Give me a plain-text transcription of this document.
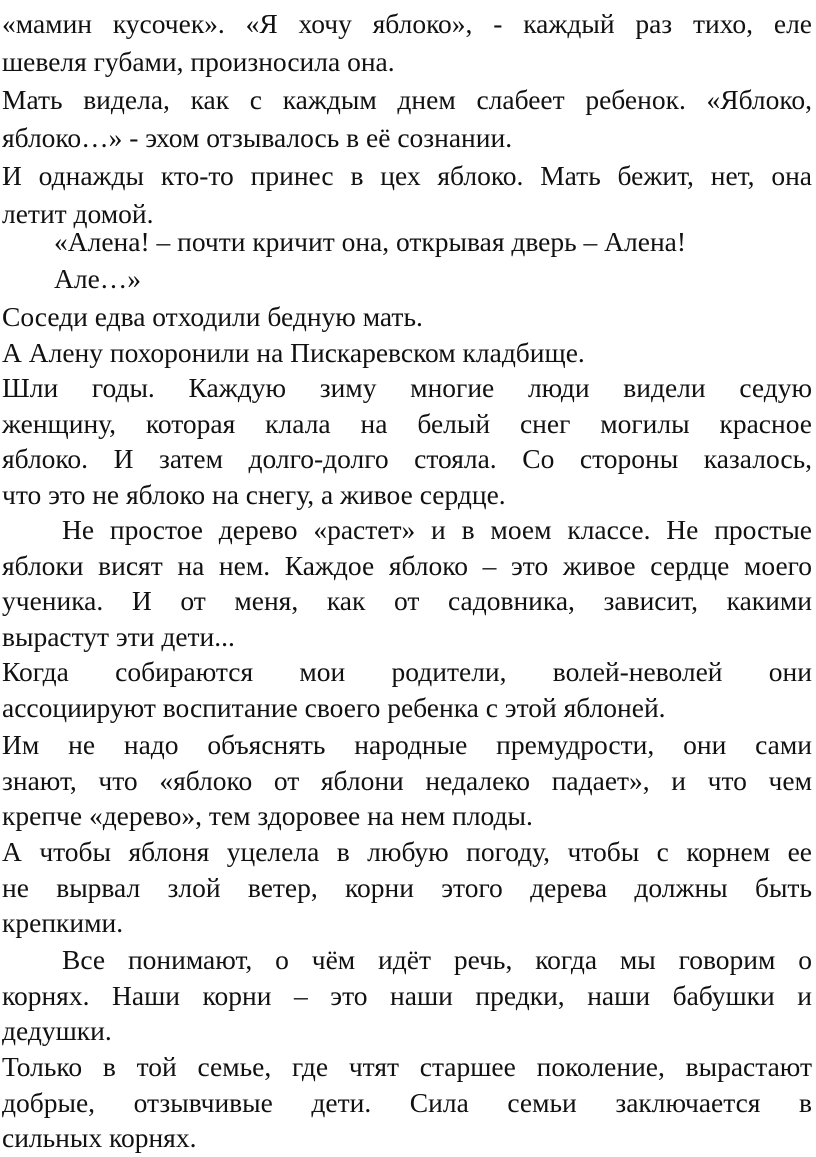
«мамин кусочек». «Я хочу яблоко», - каждый раз тихо, еле
шевеля губами, произносила она.
Мать видела, как с каждым днем слабеет ребенок. «Яблоко,
яблоко…» - эхом отзывалось в её сознании.
И однажды кто-то принес в цех яблоко. Мать бежит, нет, она
летит домой.
«Алена! – почти кричит она, открывая дверь – Алена!
Але…»
Соседи едва отходили бедную мать.
А Алену похоронили на Пискаревском кладбище.
Шли годы. Каждую зиму многие люди видели седую
женщину, которая клала на белый снег могилы красное
яблоко. И затем долго-долго стояла. Со стороны казалось,
что это не яблоко на снегу, а живое сердце.
Не простое дерево «растет» и в моем классе. Не простые
яблоки висят на нем. Каждое яблоко – это живое сердце моего
ученика. И от меня, как от садовника, зависит, какими
вырастут эти дети...
Когда собираются мои родители, волей-неволей они
ассоциируют воспитание своего ребенка с этой яблоней.
Им не надо объяснять народные премудрости, они сами
знают, что «яблоко от яблони недалеко падает», и что чем
крепче «дерево», тем здоровее на нем плоды.
А чтобы яблоня уцелела в любую погоду, чтобы с корнем ее
не вырвал злой ветер, корни этого дерева должны быть
крепкими.
Все понимают, о чём идёт речь, когда мы говорим о
корнях. Наши корни – это наши предки, наши бабушки и
дедушки.
Только в той семье, где чтят старшее поколение, вырастают
добрые, отзывчивые дети. Сила семьи заключается в
сильных корнях.
